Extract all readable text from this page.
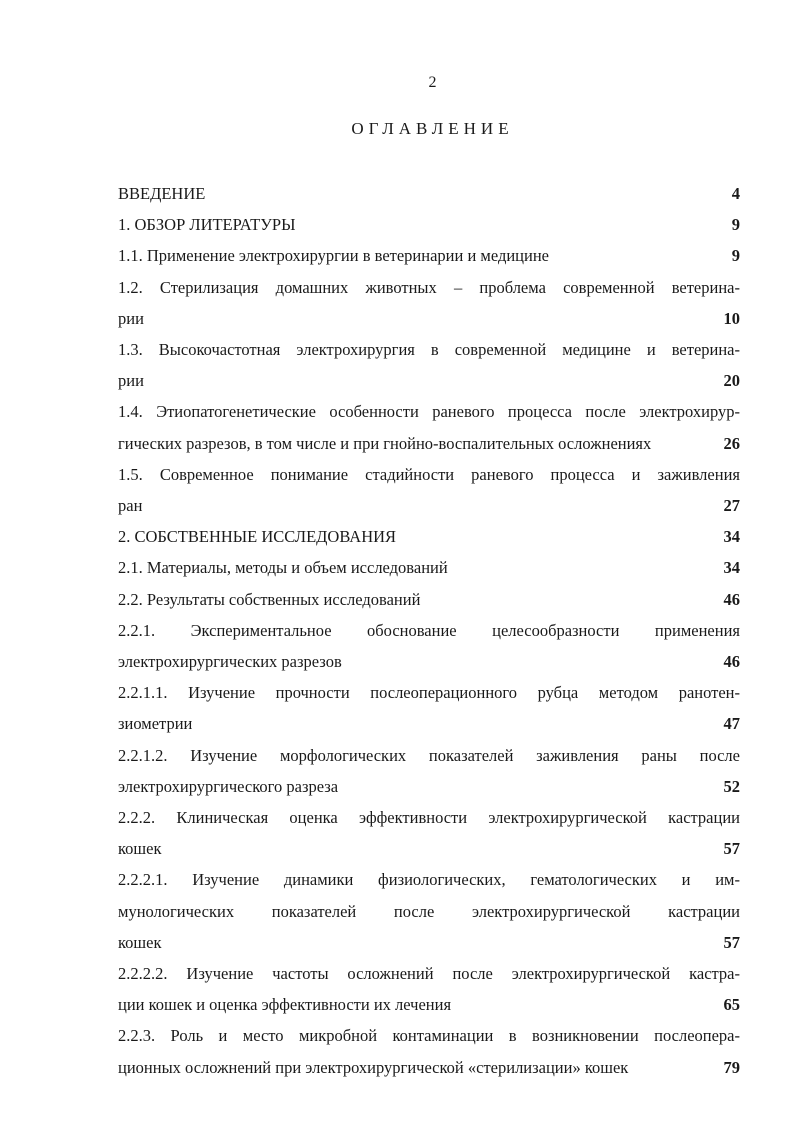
2
ОГЛАВЛЕНИЕ
ВВЕДЕНИЕ	4
1. ОБЗОР ЛИТЕРАТУРЫ	9
1.1. Применение электрохирургии в ветеринарии и медицине	9
1.2. Стерилизация домашних животных – проблема современной ветерина-
рии	10
1.3. Высокочастотная электрохирургия в современной медицине и ветерина-
рии	20
1.4. Этиопатогенетические особенности раневого процесса после электрохирур-
гических разрезов, в том числе и при гнойно-воспалительных осложнениях	26
1.5. Современное понимание стадийности раневого процесса и заживления
ран	27
2. СОБСТВЕННЫЕ ИССЛЕДОВАНИЯ	34
2.1. Материалы, методы и объем исследований	34
2.2. Результаты собственных исследований	46
2.2.1. Экспериментальное обоснование целесообразности применения
электрохирургических разрезов	46
2.2.1.1. Изучение прочности послеоперационного рубца методом ранотен-
зиометрии	47
2.2.1.2. Изучение морфологических показателей заживления раны после
электрохирургического разреза	52
2.2.2. Клиническая оценка эффективности электрохирургической кастрации
кошек	57
2.2.2.1. Изучение динамики физиологических, гематологических и им-
мунологических показателей после электрохирургической кастрации
кошек	57
2.2.2.2. Изучение частоты осложнений после электрохирургической кастра-
ции кошек и оценка эффективности их лечения	65
2.2.3. Роль и место микробной контаминации в возникновении послеопера-
ционных осложнений при электрохирургической «стерилизации» кошек	79
